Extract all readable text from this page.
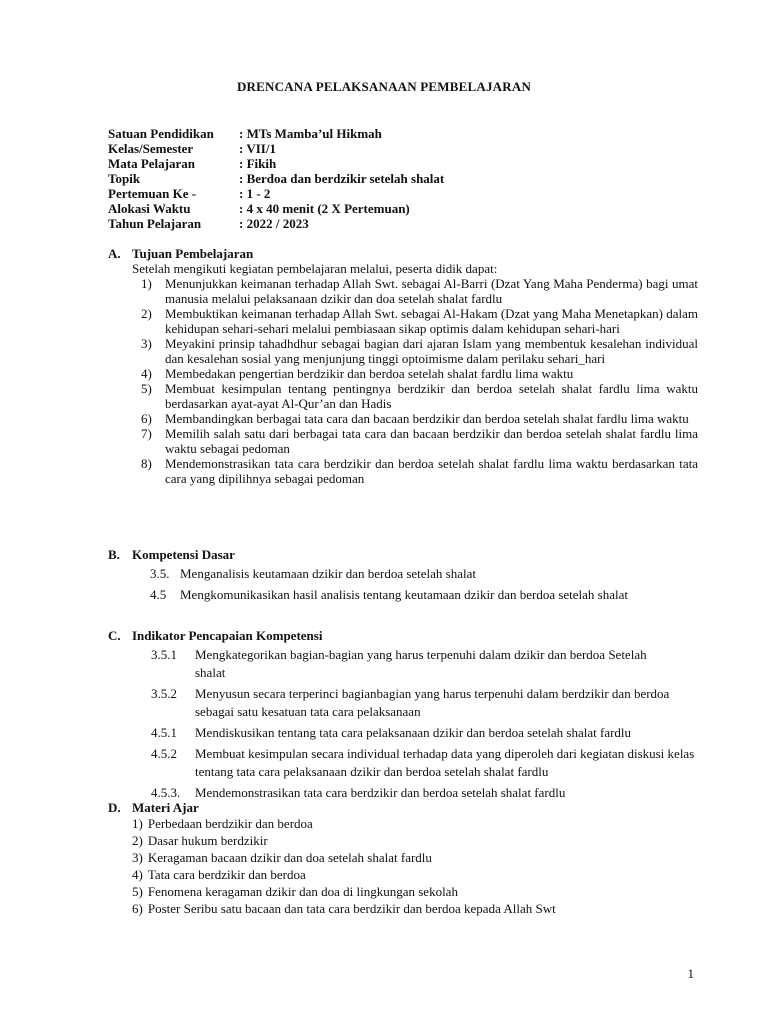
DRENCANA PELAKSANAAN PEMBELAJARAN
Satuan Pendidikan	: MTs Mamba’ul Hikmah
Kelas/Semester	: VII/1
Mata Pelajaran	: Fikih
Topik	: Berdoa dan berdzikir setelah shalat
Pertemuan Ke -	: 1 - 2
Alokasi Waktu	: 4 x 40 menit (2 X Pertemuan)
Tahun Pelajaran	: 2022 / 2023
A. Tujuan Pembelajaran
Setelah mengikuti kegiatan pembelajaran melalui, peserta didik dapat:
1)	Menunjukkan keimanan terhadap Allah Swt. sebagai Al-Barri (Dzat Yang Maha Penderma) bagi umat manusia melalui pelaksanaan dzikir dan doa setelah shalat fardlu
2)	Membuktikan keimanan terhadap Allah Swt. sebagai Al-Hakam (Dzat yang Maha Menetapkan) dalam kehidupan sehari-sehari melalui pembiasaan sikap optimis dalam kehidupan sehari-hari
3)	Meyakini prinsip tahadhdhur sebagai bagian dari ajaran Islam yang membentuk kesalehan individual dan kesalehan sosial yang menjunjung tinggi optoimisme dalam perilaku sehari_hari
4)	Membedakan pengertian berdzikir dan berdoa setelah shalat fardlu lima waktu
5)	Membuat kesimpulan tentang pentingnya berdzikir dan berdoa setelah shalat fardlu lima waktu berdasarkan ayat-ayat Al-Qur’an dan Hadis
6)	Membandingkan berbagai tata cara dan bacaan berdzikir dan berdoa setelah shalat fardlu lima waktu
7)	Memilih salah satu dari berbagai tata cara dan bacaan berdzikir dan berdoa setelah shalat fardlu lima waktu sebagai pedoman
8)	Mendemonstrasikan tata cara berdzikir dan berdoa setelah shalat fardlu lima waktu berdasarkan tata cara yang dipilihnya sebagai pedoman
B. Kompetensi Dasar
3.5. Menganalisis keutamaan dzikir dan berdoa setelah shalat
4.5	Mengkomunikasikan hasil analisis tentang keutamaan dzikir dan berdoa setelah shalat
C. Indikator Pencapaian Kompetensi
3.5.1	Mengkategorikan bagian-bagian yang harus terpenuhi dalam dzikir dan berdoa Setelah shalat
3.5.2	Menyusun secara terperinci bagianbagian yang harus terpenuhi dalam berdzikir dan berdoa sebagai satu kesatuan tata cara pelaksanaan
4.5.1	Mendiskusikan tentang tata cara pelaksanaan dzikir dan berdoa setelah shalat fardlu
4.5.2	Membuat kesimpulan secara individual terhadap data yang diperoleh dari kegiatan diskusi kelas tentang tata cara pelaksanaan dzikir dan berdoa setelah shalat fardlu
4.5.3.	Mendemonstrasikan tata cara berdzikir dan berdoa setelah shalat fardlu
D. Materi Ajar
1) Perbedaan berdzikir dan berdoa
2) Dasar hukum berdzikir
3) Keragaman bacaan dzikir dan doa setelah shalat fardlu
4) Tata cara berdzikir dan berdoa
5) Fenomena keragaman dzikir dan doa di lingkungan sekolah
6) Poster Seribu satu bacaan dan tata cara berdzikir dan berdoa kepada Allah Swt
1
